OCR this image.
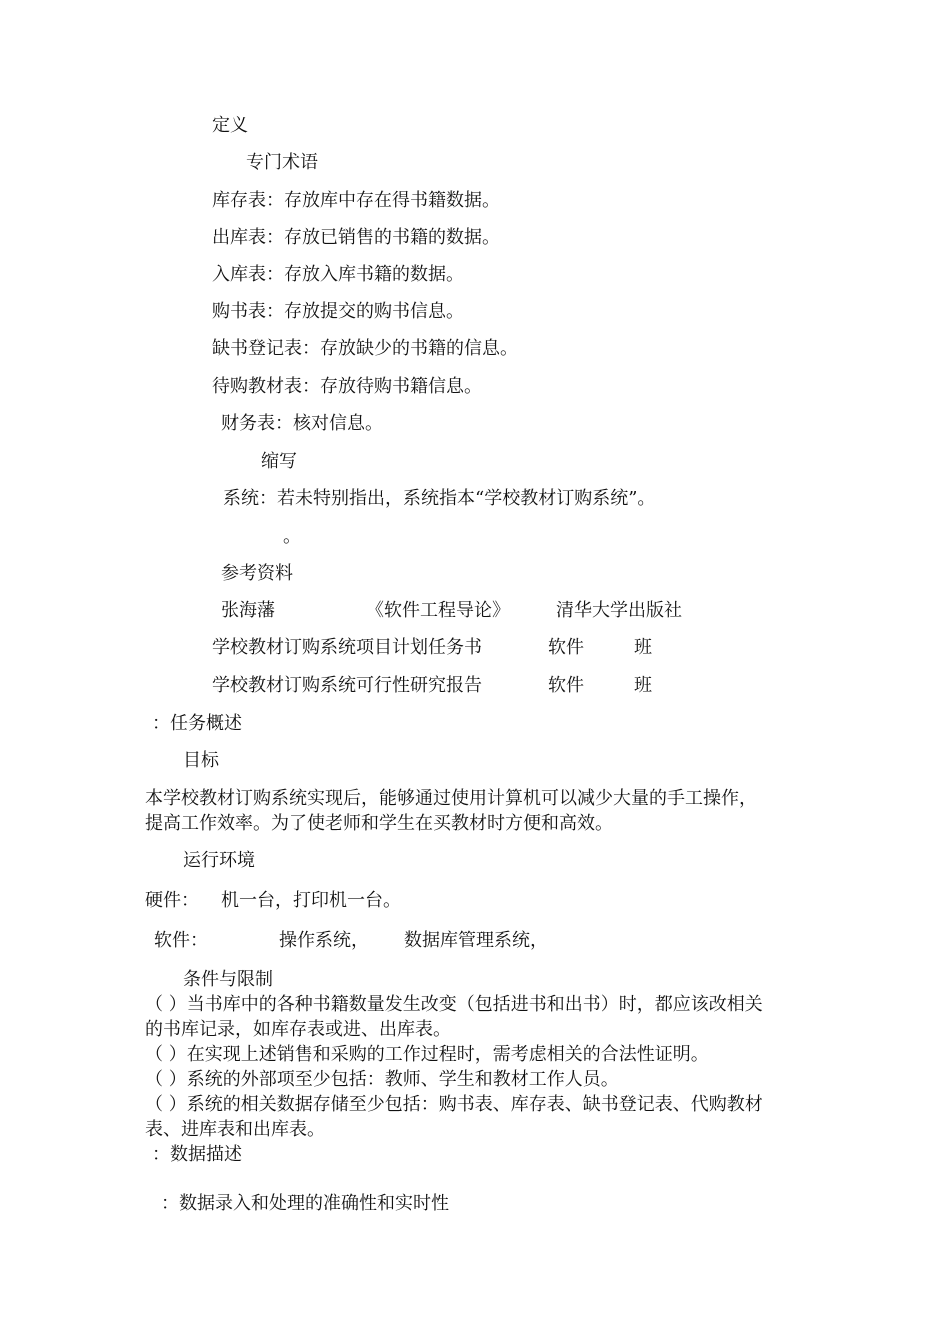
定义
专门术语
库存表：存放库中存在得书籍数据。
出库表：存放已销售的书籍的数据。
入库表：存放入库书籍的数据。
购书表：存放提交的购书信息。
缺书登记表：存放缺少的书籍的信息。
待购教材表：存放待购书籍信息。
财务表：核对信息。
缩写
系统：若未特别指出，系统指本“学校教材订购系统”。
。
参考资料
张海藩	《软件工程导论》	清华大学出版社
学校教材订购系统项目计划任务书	软件	班
学校教材订购系统可行性研究报告	软件	班
：任务概述
目标
本学校教材订购系统实现后，能够通过使用计算机可以减少大量的手工操作，
提高工作效率。为了使老师和学生在买教材时方便和高效。
运行环境
硬件： 机一台，打印机一台。
软件：	操作系统， 数据库管理系统，
条件与限制
（ ）当书库中的各种书籍数量发生改变（包括进书和出书）时，都应该改相关
的书库记录，如库存表或进、出库表。
（ ）在实现上述销售和采购的工作过程时，需考虑相关的合法性证明。
（ ）系统的外部项至少包括：教师、学生和教材工作人员。
（ ）系统的相关数据存储至少包括：购书表、库存表、缺书登记表、代购教材
表、进库表和出库表。
：数据描述
：数据录入和处理的准确性和实时性
